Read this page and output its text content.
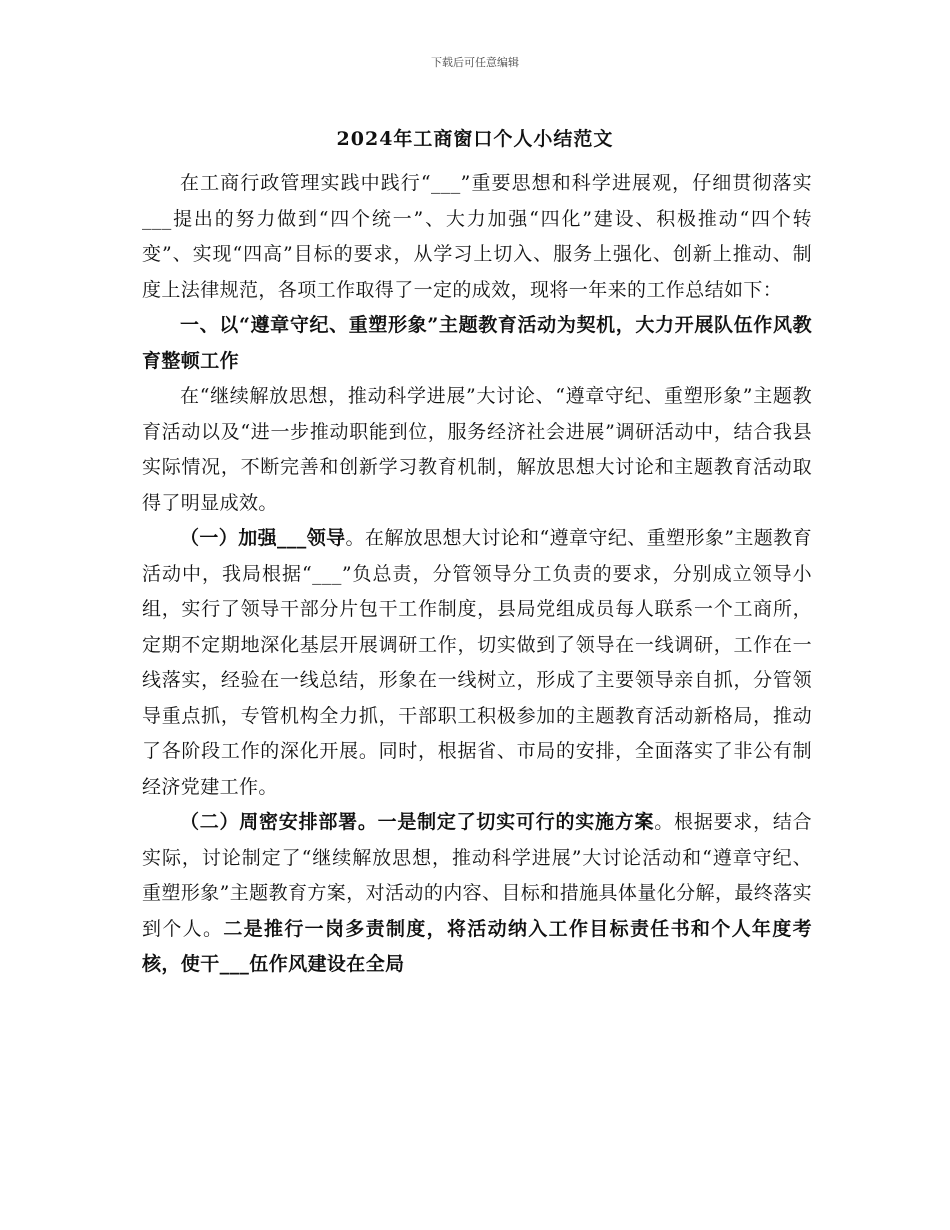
下载后可任意编辑
2024年工商窗口个人小结范文

在工商行政管理实践中践行“___”重要思想和科学进展观，仔细贯彻落实___提出的努力做到“四个统一”、大力加强“四化”建设、积极推动“四个转变”、实现“四高”目标的要求，从学习上切入、服务上强化、创新上推动、制度上法律规范，各项工作取得了一定的成效，现将一年来的工作总结如下：

一、以“遵章守纪、重塑形象”主题教育活动为契机，大力开展队伍作风教育整顿工作

在“继续解放思想，推动科学进展”大讨论、“遵章守纪、重塑形象”主题教育活动以及“进一步推动职能到位，服务经济社会进展”调研活动中，结合我县实际情况，不断完善和创新学习教育机制，解放思想大讨论和主题教育活动取得了明显成效。

（一）加强___领导。在解放思想大讨论和“遵章守纪、重塑形象”主题教育活动中，我局根据“___”负总责，分管领导分工负责的要求，分别成立领导小组，实行了领导干部分片包干工作制度，县局党组成员每人联系一个工商所，定期不定期地深化基层开展调研工作，切实做到了领导在一线调研，工作在一线落实，经验在一线总结，形象在一线树立，形成了主要领导亲自抓，分管领导重点抓，专管机构全力抓，干部职工积极参加的主题教育活动新格局，推动了各阶段工作的深化开展。同时，根据省、市局的安排，全面落实了非公有制经济党建工作。

（二）周密安排部署。一是制定了切实可行的实施方案。根据要求，结合实际，讨论制定了“继续解放思想，推动科学进展”大讨论活动和“遵章守纪、重塑形象”主题教育方案，对活动的内容、目标和措施具体量化分解，最终落实到个人。二是推行一岗多责制度，将活动纳入工作目标责任书和个人年度考核，使干___伍作风建设在全局
